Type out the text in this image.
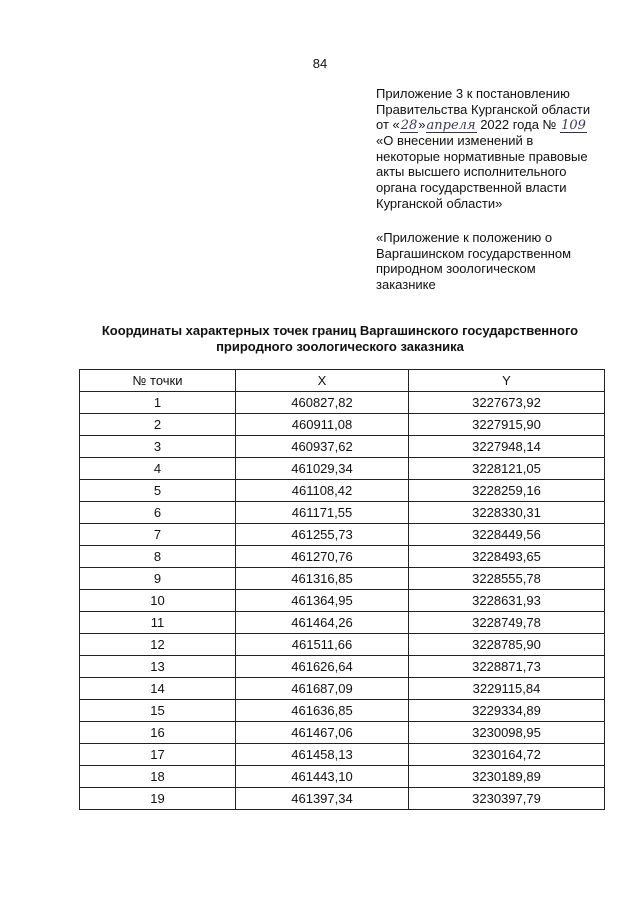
84
Приложение 3 к постановлению
Правительства Курганской области
от «28»апреля 2022 года № 109
«О внесении изменений в
некоторые нормативные правовые
акты высшего исполнительного
органа государственной власти
Курганской области»
«Приложение к положению о
Варгашинском государственном
природном зоологическом
заказнике
Координаты характерных точек границ Варгашинского государственного
природного зоологического заказника
№ точки	X	Y
1	460827,82	3227673,92
2	460911,08	3227915,90
3	460937,62	3227948,14
4	461029,34	3228121,05
5	461108,42	3228259,16
6	461171,55	3228330,31
7	461255,73	3228449,56
8	461270,76	3228493,65
9	461316,85	3228555,78
10	461364,95	3228631,93
11	461464,26	3228749,78
12	461511,66	3228785,90
13	461626,64	3228871,73
14	461687,09	3229115,84
15	461636,85	3229334,89
16	461467,06	3230098,95
17	461458,13	3230164,72
18	461443,10	3230189,89
19	461397,34	3230397,79
